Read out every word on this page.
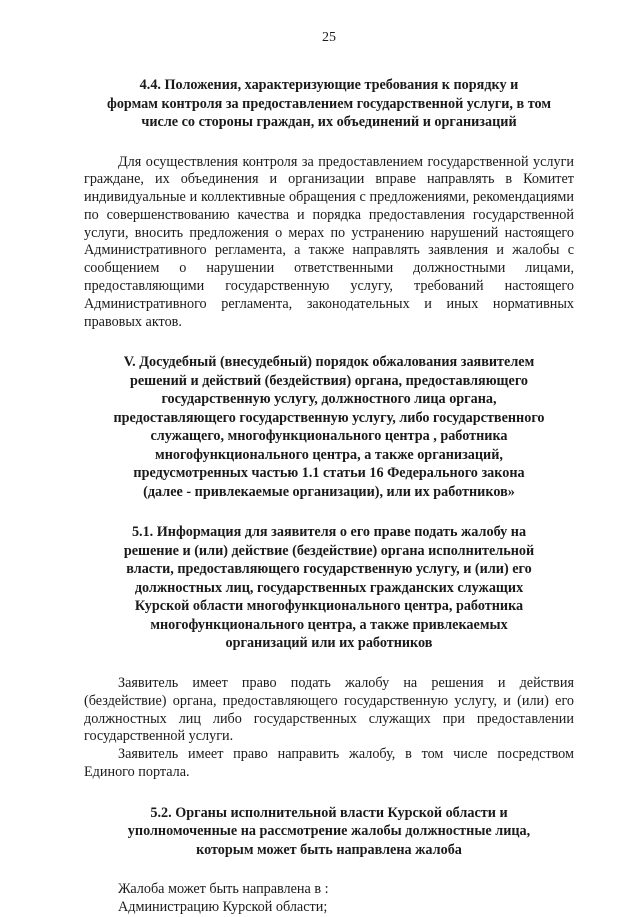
25
4.4. Положения, характеризующие требования к порядку и
формам контроля за предоставлением государственной услуги, в том
числе со стороны граждан, их объединений и организаций

Для осуществления контроля за предоставлением государственной услуги граждане, их объединения и организации вправе направлять в Комитет индивидуальные и коллективные обращения с предложениями, рекомендациями по совершенствованию качества и порядка предоставления государственной услуги, вносить предложения о мерах по устранению нарушений настоящего Административного регламента, а также направлять заявления и жалобы с сообщением о нарушении ответственными должностными лицами, предоставляющими государственную услугу, требований настоящего Административного регламента, законодательных и иных нормативных правовых актов.

V. Досудебный (внесудебный) порядок обжалования заявителем
решений и действий (бездействия) органа, предоставляющего
государственную услугу, должностного лица органа,
предоставляющего государственную услугу, либо государственного
служащего, многофункционального центра , работника
многофункционального центра, а также организаций,
предусмотренных частью 1.1 статьи 16 Федерального закона
(далее - привлекаемые организации), или их работников»
5.1. Информация для заявителя о его праве подать жалобу на
решение и (или) действие (бездействие) органа исполнительной
власти, предоставляющего государственную услугу, и (или) его
должностных лиц, государственных гражданских служащих
Курской области многофункционального центра, работника
многофункционального центра, а также привлекаемых
организаций или их работников

Заявитель имеет право подать жалобу на решения и действия (бездействие) органа, предоставляющего государственную услугу, и (или) его должностных лиц либо государственных служащих при предоставлении государственной услуги.

Заявитель имеет право направить жалобу, в том числе посредством Единого портала.

5.2. Органы исполнительной власти Курской области и
уполномоченные на рассмотрение жалобы должностные лица,
которым может быть направлена жалоба

Жалоба может быть направлена в :

Администрацию Курской области;
